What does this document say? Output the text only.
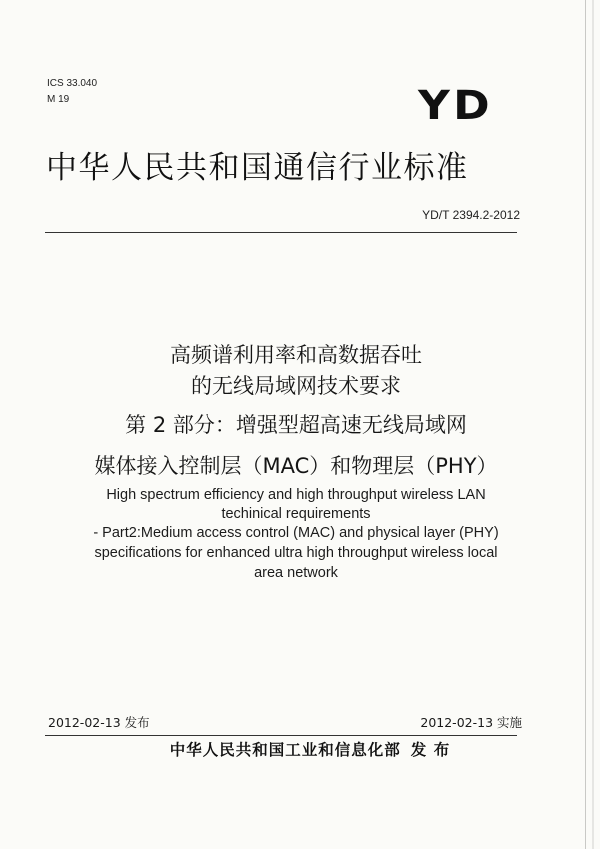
ICS 33.040
M 19	YD
中华人民共和国通信行业标准
YD/T 2394.2-2012
高频谱利用率和高数据吞吐
的无线局域网技术要求
第 2 部分：增强型超高速无线局域网
媒体接入控制层（MAC）和物理层（PHY）
High spectrum efficiency and high throughput wireless LAN
techinical requirements
- Part2:Medium access control (MAC) and physical layer (PHY)
specifications for enhanced ultra high throughput wireless local
area network
2012-02-13 发布	2012-02-13 实施
中华人民共和国工业和信息化部 发 布
